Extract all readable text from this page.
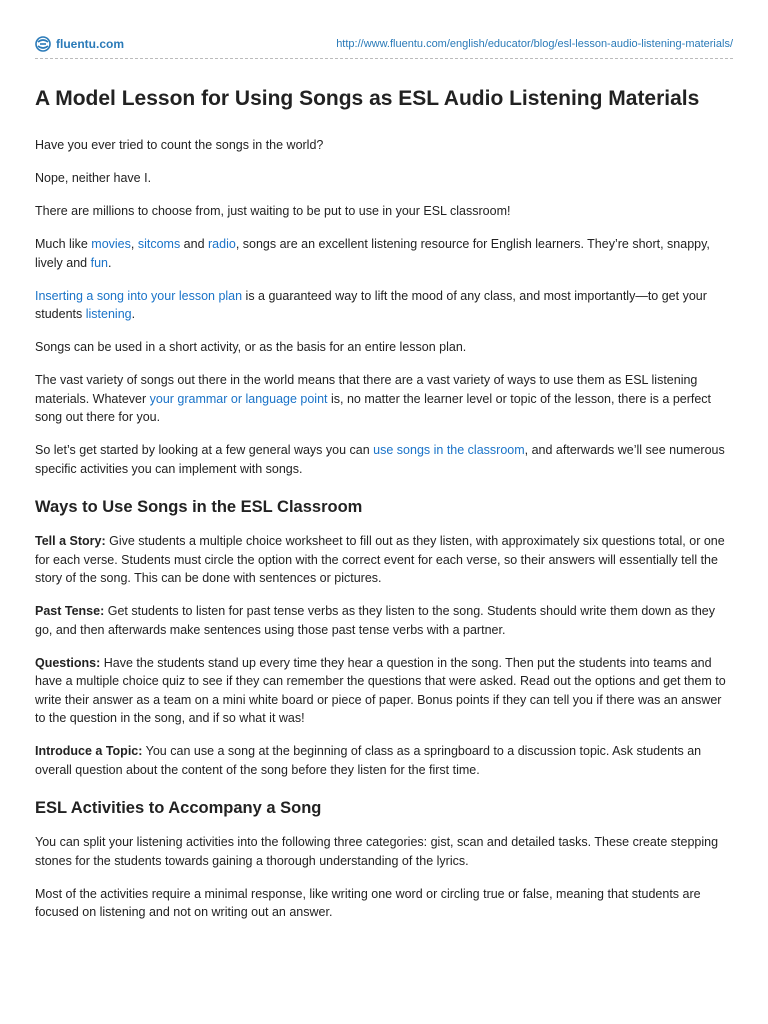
fluentu.com	http://www.fluentu.com/english/educator/blog/esl-lesson-audio-listening-materials/
A Model Lesson for Using Songs as ESL Audio Listening Materials

Have you ever tried to count the songs in the world?

Nope, neither have I.

There are millions to choose from, just waiting to be put to use in your ESL classroom!

Much like movies, sitcoms and radio, songs are an excellent listening resource for English learners. They’re short, snappy, lively and fun.

Inserting a song into your lesson plan is a guaranteed way to lift the mood of any class, and most importantly—to get your students listening.

Songs can be used in a short activity, or as the basis for an entire lesson plan.

The vast variety of songs out there in the world means that there are a vast variety of ways to use them as ESL listening materials. Whatever your grammar or language point is, no matter the learner level or topic of the lesson, there is a perfect song out there for you.

So let’s get started by looking at a few general ways you can use songs in the classroom, and afterwards we’ll see numerous specific activities you can implement with songs.

Ways to Use Songs in the ESL Classroom

Tell a Story: Give students a multiple choice worksheet to fill out as they listen, with approximately six questions total, or one for each verse. Students must circle the option with the correct event for each verse, so their answers will essentially tell the story of the song. This can be done with sentences or pictures.

Past Tense: Get students to listen for past tense verbs as they listen to the song. Students should write them down as they go, and then afterwards make sentences using those past tense verbs with a partner.

Questions: Have the students stand up every time they hear a question in the song. Then put the students into teams and have a multiple choice quiz to see if they can remember the questions that were asked. Read out the options and get them to write their answer as a team on a mini white board or piece of paper. Bonus points if they can tell you if there was an answer to the question in the song, and if so what it was!

Introduce a Topic: You can use a song at the beginning of class as a springboard to a discussion topic. Ask students an overall question about the content of the song before they listen for the first time.

ESL Activities to Accompany a Song

You can split your listening activities into the following three categories: gist, scan and detailed tasks. These create stepping stones for the students towards gaining a thorough understanding of the lyrics.

Most of the activities require a minimal response, like writing one word or circling true or false, meaning that students are focused on listening and not on writing out an answer.
